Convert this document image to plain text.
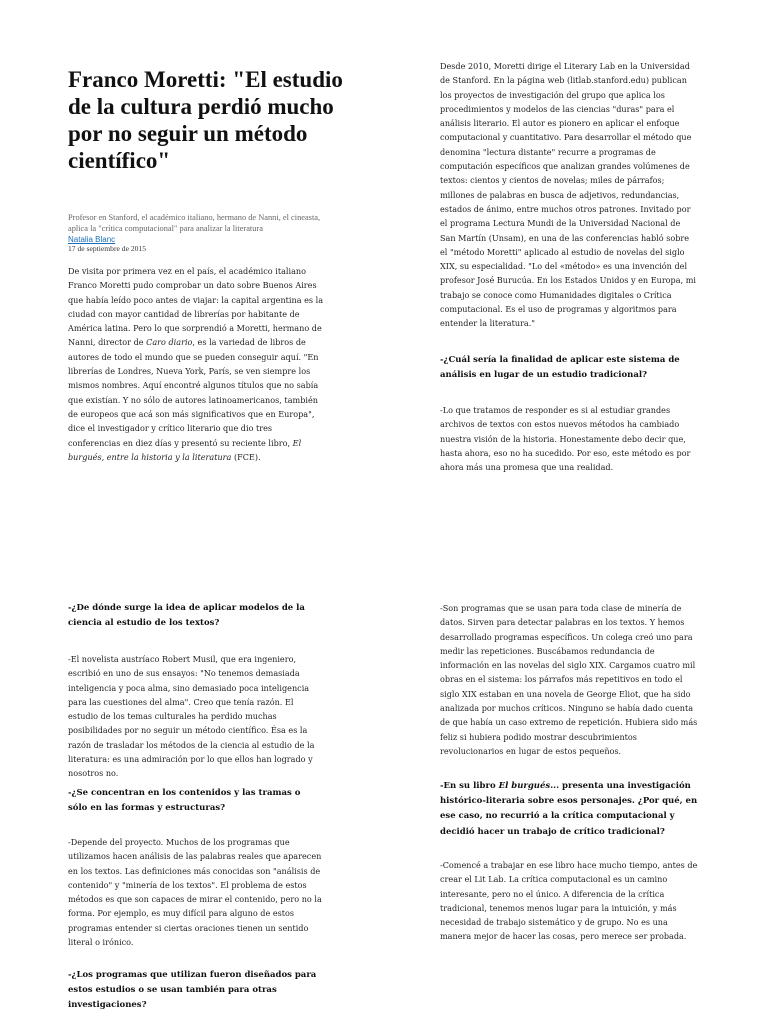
Franco Moretti: "El estudio de la cultura perdió mucho por no seguir un método científico"
Profesor en Stanford, el académico italiano, hermano de Nanni, el cineasta, aplica la "crítica computacional" para analizar la literatura
Natalia Blanc
17 de septiembre de 2015

De visita por primera vez en el país, el académico italiano Franco Moretti pudo comprobar un dato sobre Buenos Aires que había leído poco antes de viajar: la capital argentina es la ciudad con mayor cantidad de librerías por habitante de América latina. Pero lo que sorprendió a Moretti, hermano de Nanni, director de Caro diario, es la variedad de libros de autores de todo el mundo que se pueden conseguir aquí. "En librerías de Londres, Nueva York, París, se ven siempre los mismos nombres. Aquí encontré algunos títulos que no sabía que existían. Y no sólo de autores latinoamericanos, también de europeos que acá son más significativos que en Europa", dice el investigador y crítico literario que dio tres conferencias en diez días y presentó su reciente libro, El burgués, entre la historia y la literatura (FCE).

-¿De dónde surge la idea de aplicar modelos de la ciencia al estudio de los textos?

-El novelista austríaco Robert Musil, que era ingeniero, escribió en uno de sus ensayos: "No tenemos demasiada inteligencia y poca alma, sino demasiado poca inteligencia para las cuestiones del alma". Creo que tenía razón. El estudio de los temas culturales ha perdido muchas posibilidades por no seguir un método científico. Ésa es la razón de trasladar los métodos de la ciencia al estudio de la literatura: es una admiración por lo que ellos han logrado y nosotros no.

-¿Se concentran en los contenidos y las tramas o sólo en las formas y estructuras?

-Depende del proyecto. Muchos de los programas que utilizamos hacen análisis de las palabras reales que aparecen en los textos. Las definiciones más conocidas son "análisis de contenido" y "minería de los textos". El problema de estos métodos es que son capaces de mirar el contenido, pero no la forma. Por ejemplo, es muy difícil para alguno de estos programas entender si ciertas oraciones tienen un sentido literal o irónico.

-¿Los programas que utilizan fueron diseñados para estos estudios o se usan también para otras investigaciones?

Desde 2010, Moretti dirige el Literary Lab en la Universidad de Stanford. En la página web (litlab.stanford.edu) publican los proyectos de investigación del grupo que aplica los procedimientos y modelos de las ciencias "duras" para el análisis literario. El autor es pionero en aplicar el enfoque computacional y cuantitativo. Para desarrollar el método que denomina "lectura distante" recurre a programas de computación específicos que analizan grandes volúmenes de textos: cientos y cientos de novelas; miles de párrafos; millones de palabras en busca de adjetivos, redundancias, estados de ánimo, entre muchos otros patrones. Invitado por el programa Lectura Mundi de la Universidad Nacional de San Martín (Unsam), en una de las conferencias habló sobre el "método Moretti" aplicado al estudio de novelas del siglo XIX, su especialidad. "Lo del «método» es una invención del profesor José Burucúa. En los Estados Unidos y en Europa, mi trabajo se conoce como Humanidades digitales o Crítica computacional. Es el uso de programas y algoritmos para entender la literatura."

-¿Cuál sería la finalidad de aplicar este sistema de análisis en lugar de un estudio tradicional?

-Lo que tratamos de responder es si al estudiar grandes archivos de textos con estos nuevos métodos ha cambiado nuestra visión de la historia. Honestamente debo decir que, hasta ahora, eso no ha sucedido. Por eso, este método es por ahora más una promesa que una realidad.

-Son programas que se usan para toda clase de minería de datos. Sirven para detectar palabras en los textos. Y hemos desarrollado programas específicos. Un colega creó uno para medir las repeticiones. Buscábamos redundancia de información en las novelas del siglo XIX. Cargamos cuatro mil obras en el sistema: los párrafos más repetitivos en todo el siglo XIX estaban en una novela de George Eliot, que ha sido analizada por muchos críticos. Ninguno se había dado cuenta de que había un caso extremo de repetición. Hubiera sido más feliz si hubiera podido mostrar descubrimientos revolucionarios en lugar de estos pequeños.

-En su libro El burgués... presenta una investigación histórico-literaria sobre esos personajes. ¿Por qué, en ese caso, no recurrió a la crítica computacional y decidió hacer un trabajo de crítico tradicional?

-Comencé a trabajar en ese libro hace mucho tiempo, antes de crear el Lit Lab. La crítica computacional es un camino interesante, pero no el único. A diferencia de la crítica tradicional, tenemos menos lugar para la intuición, y más necesidad de trabajo sistemático y de grupo. No es una manera mejor de hacer las cosas, pero merece ser probada.
